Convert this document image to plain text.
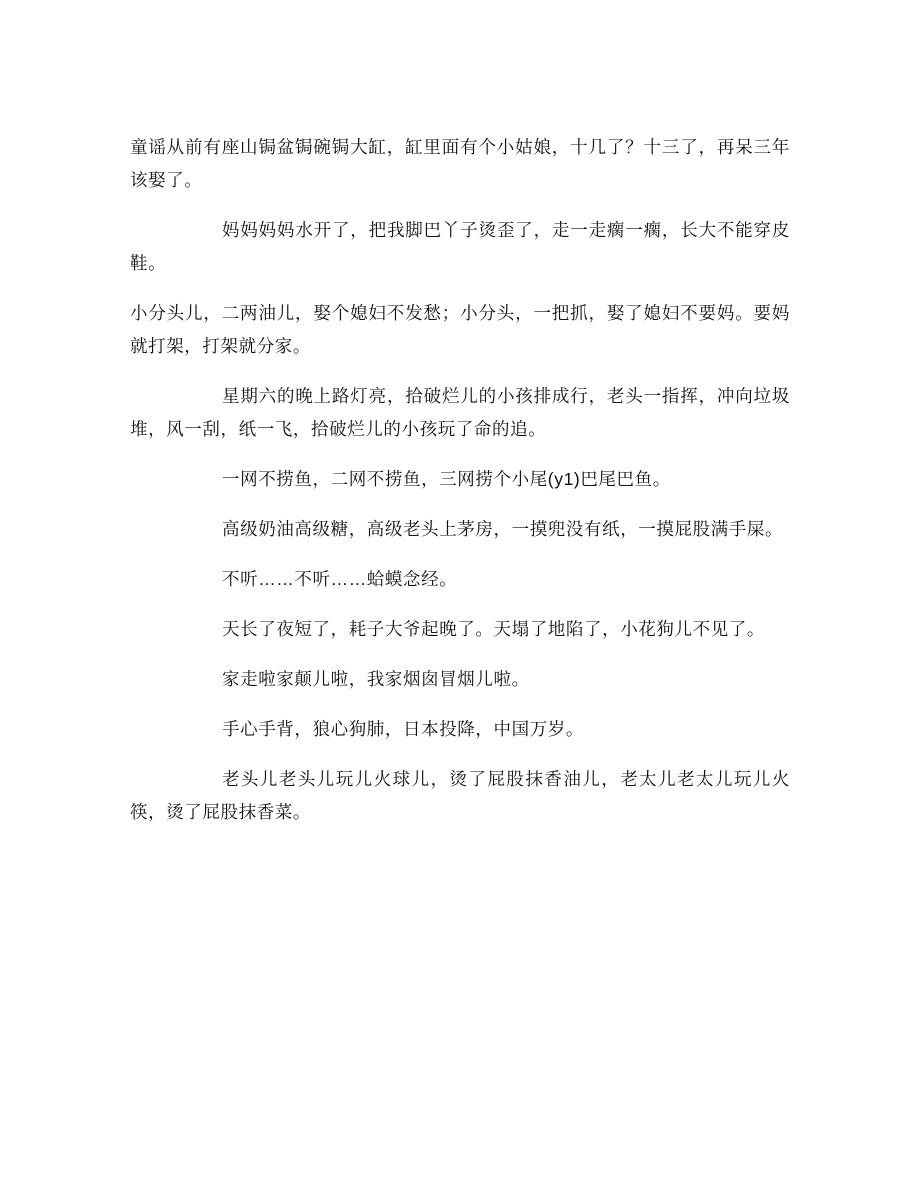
童谣从前有座山锔盆锔碗锔大缸，缸里面有个小姑娘，十几了？十三了，再呆三年该娶了。

妈妈妈妈水开了，把我脚巴丫子烫歪了，走一走瘸一瘸，长大不能穿皮鞋。

小分头儿，二两油儿，娶个媳妇不发愁；小分头，一把抓，娶了媳妇不要妈。要妈就打架，打架就分家。

星期六的晚上路灯亮，拾破烂儿的小孩排成行，老头一指挥，冲向垃圾堆，风一刮，纸一飞，拾破烂儿的小孩玩了命的追。

一网不捞鱼，二网不捞鱼，三网捞个小尾(y1)巴尾巴鱼。

高级奶油高级糖，高级老头上茅房，一摸兜没有纸，一摸屁股满手屎。

不听……不听……蛤蟆念经。

天长了夜短了，耗子大爷起晚了。天塌了地陷了，小花狗儿不见了。

家走啦家颠儿啦，我家烟囱冒烟儿啦。

手心手背，狼心狗肺，日本投降，中国万岁。

老头儿老头儿玩儿火球儿，烫了屁股抹香油儿，老太儿老太儿玩儿火筷，烫了屁股抹香菜。
